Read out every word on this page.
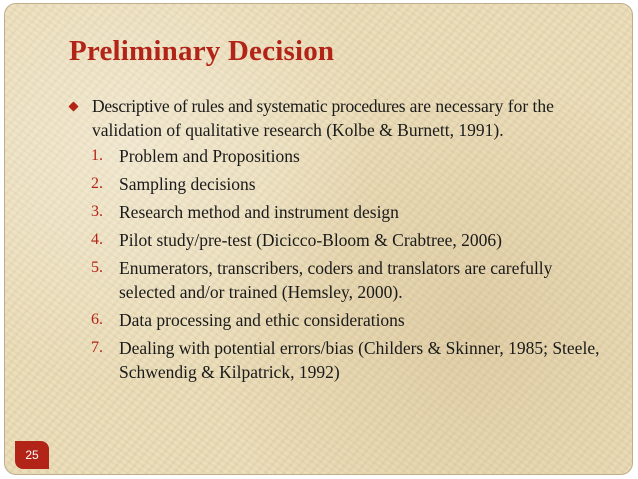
Preliminary Decision
Descriptive of rules and systematic procedures are necessary for the validation of qualitative research (Kolbe & Burnett, 1991).
1. Problem and Propositions
2. Sampling decisions
3. Research method and instrument design
4. Pilot study/pre-test (Dicicco-Bloom & Crabtree, 2006)
5. Enumerators, transcribers, coders and translators are carefully selected and/or trained (Hemsley, 2000).
6. Data processing and ethic considerations
7. Dealing with potential errors/bias (Childers & Skinner, 1985; Steele, Schwendig & Kilpatrick, 1992)
25
